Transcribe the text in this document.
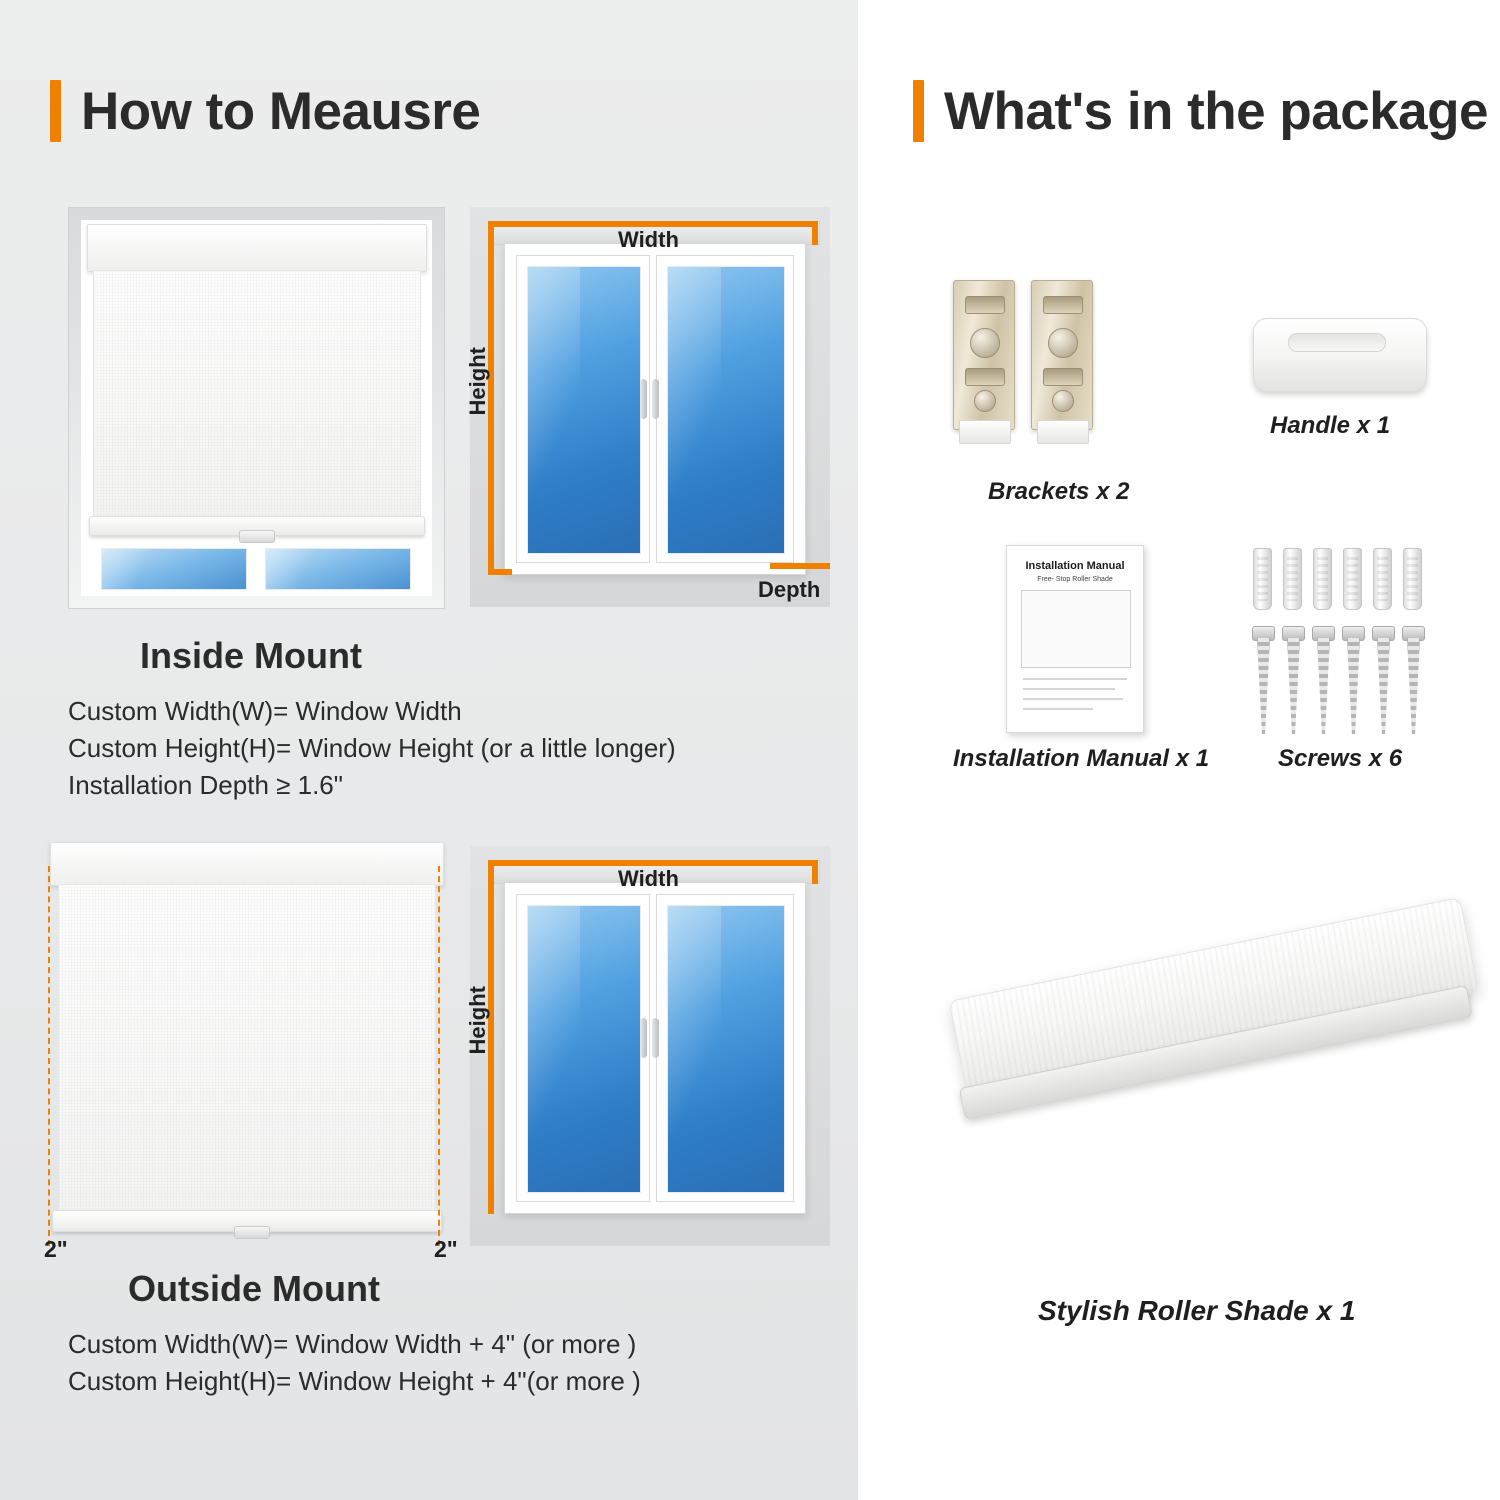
How to Meausre
Width
Height
Depth
Inside Mount
Custom Width(W)= Window Width
Custom Height(H)= Window Height (or a little longer)
Installation Depth ≥ 1.6"
2"	2"
Width
Height
Outside Mount
Custom Width(W)= Window Width + 4" (or more )
Custom Height(H)= Window Height + 4"(or more )
What's in the package
Brackets x 2
Handle x 1
Installation Manual
Free- Stop Roller Shade
Installation Manual x 1	Screws x 6
Stylish Roller Shade x 1
